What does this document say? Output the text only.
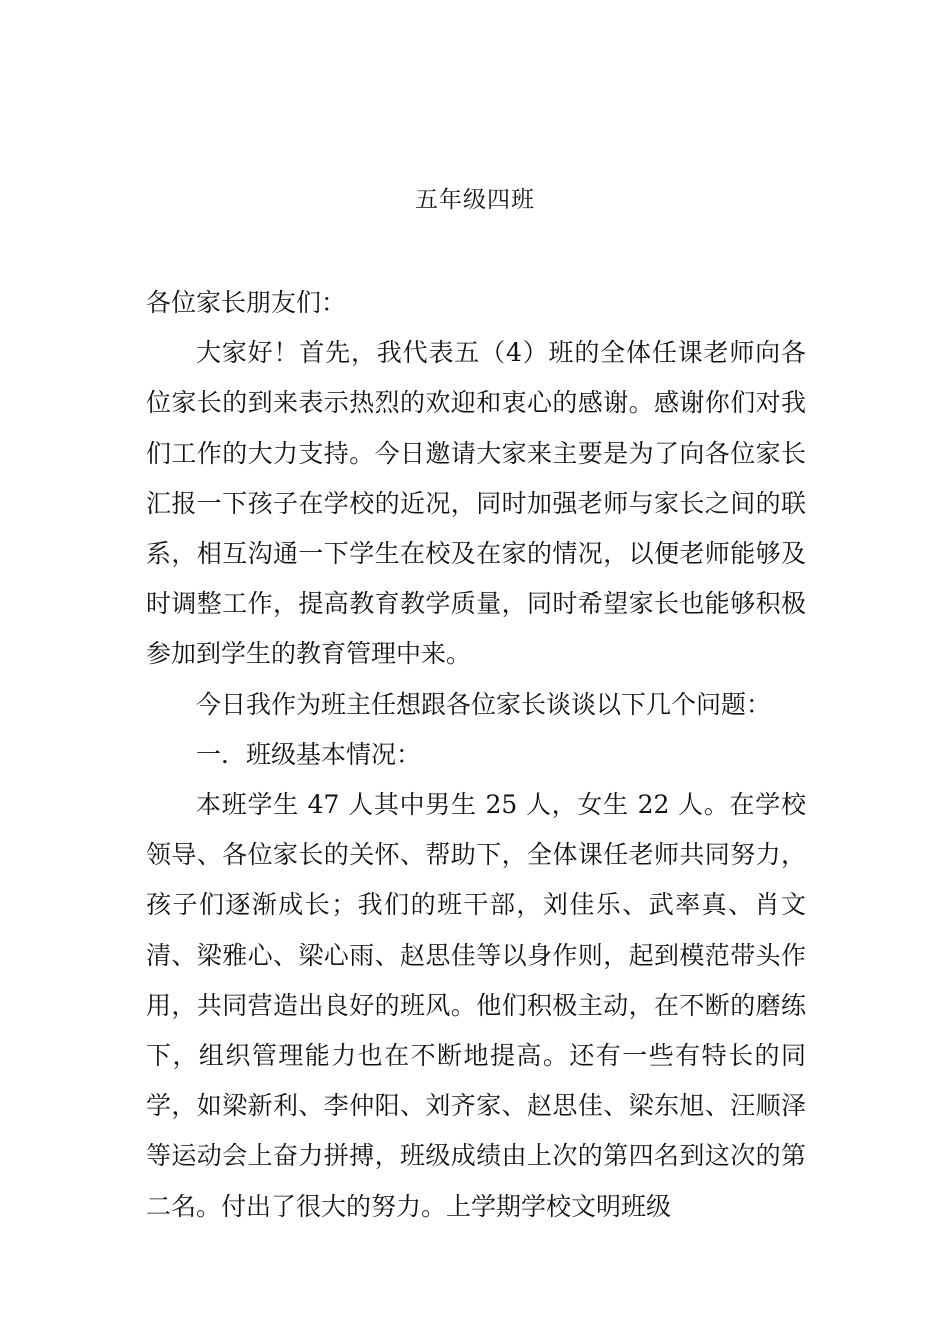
五年级四班

各位家长朋友们：

大家好！首先，我代表五（4）班的全体任课老师向各位家长的到来表示热烈的欢迎和衷心的感谢。感谢你们对我们工作的大力支持。今日邀请大家来主要是为了向各位家长汇报一下孩子在学校的近况，同时加强老师与家长之间的联系，相互沟通一下学生在校及在家的情况，以便老师能够及时调整工作，提高教育教学质量，同时希望家长也能够积极参加到学生的教育管理中来。

今日我作为班主任想跟各位家长谈谈以下几个问题：

一．班级基本情况：

本班学生 47 人其中男生 25 人，女生 22 人。在学校领导、各位家长的关怀、帮助下，全体课任老师共同努力，孩子们逐渐成长；我们的班干部，刘佳乐、武率真、肖文清、梁雅心、梁心雨、赵思佳等以身作则，起到模范带头作用，共同营造出良好的班风。他们积极主动，在不断的磨练下，组织管理能力也在不断地提高。还有一些有特长的同学，如梁新利、李仲阳、刘齐家、赵思佳、梁东旭、汪顺泽等运动会上奋力拼搏，班级成绩由上次的第四名到这次的第二名。付出了很大的努力。上学期学校文明班级
